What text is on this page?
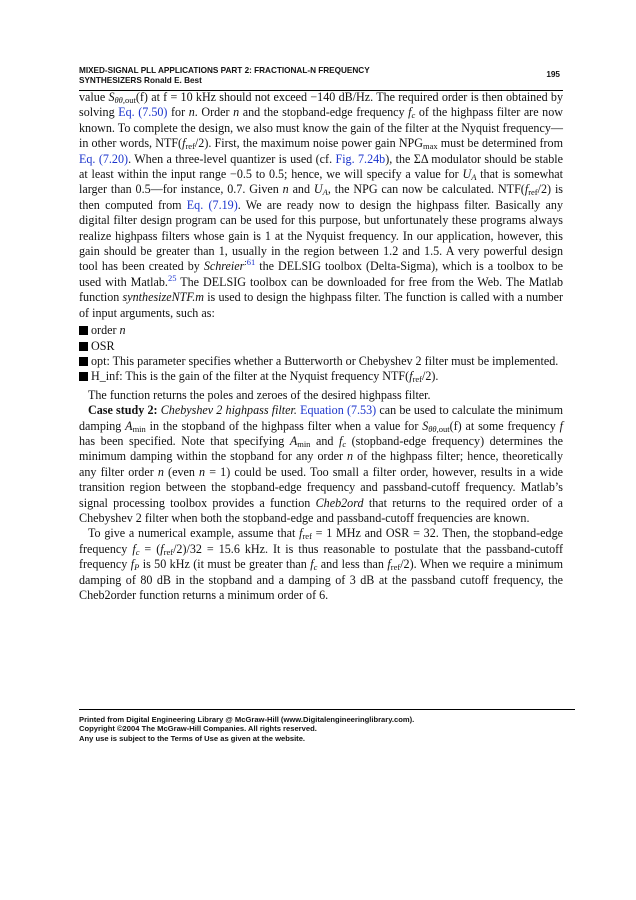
MIXED-SIGNAL PLL APPLICATIONS PART 2: FRACTIONAL-N FREQUENCY
SYNTHESIZERS Ronald E. Best
195

value $S_{\theta\theta,out}(f)$ at f = 10 kHz should not exceed −140 dB/Hz. The required order is then obtained by solving Eq. (7.50) for n. Order n and the stopband-edge frequency $f_c$ of the highpass filter are now known. To complete the design, we also must know the gain of the filter at the Nyquist frequency—in other words, $NTF(f_{ref}/2)$. First, the maximum noise power gain $NPG_{max}$ must be determined from Eq. (7.20). When a three-level quantizer is used (cf. Fig. 7.24b), the ΣΔ modulator should be stable at least within the input range −0.5 to 0.5; hence, we will specify a value for $U_A$ that is somewhat larger than 0.5—for instance, 0.7. Given n and $U_A$, the NPG can now be calculated. $NTF(f_{ref}/2)$ is then computed from Eq. (7.19). We are ready now to design the highpass filter. Basically any digital filter design program can be used for this purpose, but unfortunately these programs always realize highpass filters whose gain is 1 at the Nyquist frequency. In our application, however, this gain should be greater than 1, usually in the region between 1.2 and 1.5. A very powerful design tool has been created by Schreier$^{:61}$ the DELSIG toolbox (Delta-Sigma), which is a toolbox to be used with Matlab.$^{25}$ The DELSIG toolbox can be downloaded for free from the Web. The Matlab function synthesizeNTF.m is used to design the highpass filter. The function is called with a number of input arguments, such as:

order n
OSR
opt: This parameter specifies whether a Butterworth or Chebyshev 2 filter must be implemented.
H_inf: This is the gain of the filter at the Nyquist frequency $NTF(f_{ref}/2)$.

The function returns the poles and zeroes of the desired highpass filter.

Case study 2: Chebyshev 2 highpass filter. Equation (7.53) can be used to calculate the minimum damping $A_{min}$ in the stopband of the highpass filter when a value for $S_{\theta\theta,out}(f)$ at some frequency f has been specified. Note that specifying $A_{min}$ and $f_c$ (stopband-edge frequency) determines the minimum damping within the stopband for any order n of the highpass filter; hence, theoretically any filter order n (even n = 1) could be used. Too small a filter order, however, results in a wide transition region between the stopband-edge frequency and passband-cutoff frequency. Matlab’s signal processing toolbox provides a function Cheb2ord that returns to the required order of a Chebyshev 2 filter when both the stopband-edge and passband-cutoff frequencies are known.

To give a numerical example, assume that $f_{ref} = 1$ MHz and OSR = 32. Then, the stopband-edge frequency $f_c = (f_{ref}/2)/32 = 15.6$ kHz. It is thus reasonable to postulate that the passband-cutoff frequency $f_P$ is 50 kHz (it must be greater than $f_c$ and less than $f_{ref}/2$). When we require a minimum damping of 80 dB in the stopband and a damping of 3 dB at the passband cutoff frequency, the Cheb2order function returns a minimum order of 6.

Printed from Digital Engineering Library @ McGraw-Hill (www.Digitalengineeringlibrary.com).
Copyright ©2004 The McGraw-Hill Companies. All rights reserved.
Any use is subject to the Terms of Use as given at the website.
